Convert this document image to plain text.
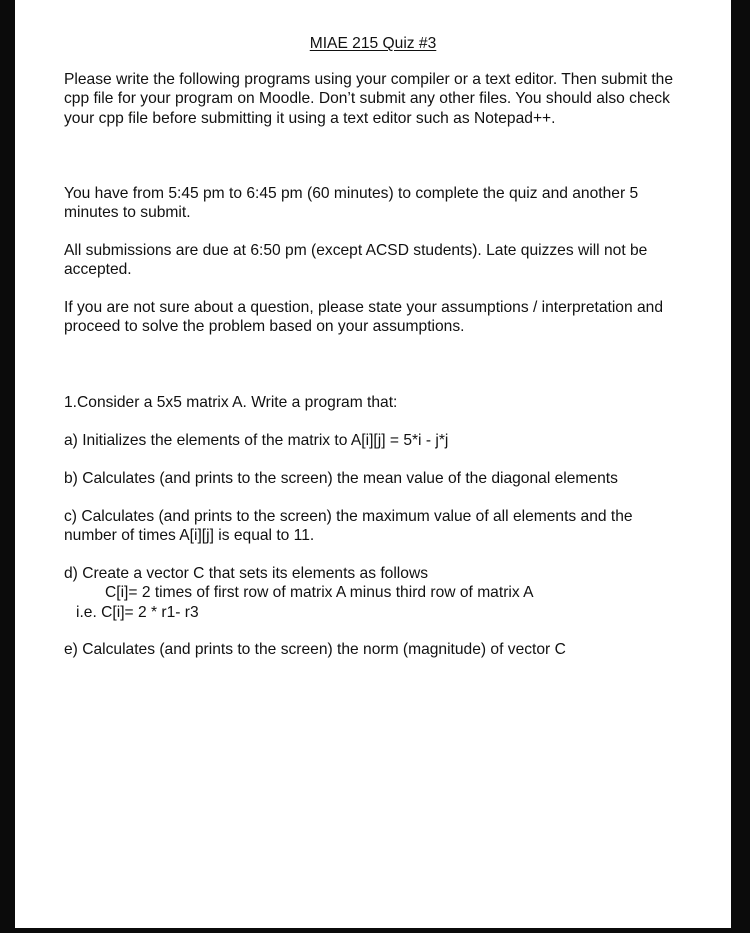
MIAE 215 Quiz #3

Please write the following programs using your compiler or a text editor. Then submit the cpp file for your program on Moodle. Don’t submit any other files. You should also check your cpp file before submitting it using a text editor such as Notepad++.

You have from 5:45 pm to 6:45 pm (60 minutes) to complete the quiz and another 5 minutes to submit.

All submissions are due at 6:50 pm (except ACSD students). Late quizzes will not be accepted.

If you are not sure about a question, please state your assumptions / interpretation and proceed to solve the problem based on your assumptions.

1.Consider a 5x5 matrix A. Write a program that:

a) Initializes the elements of the matrix to A[i][j] = 5*i - j*j

b) Calculates (and prints to the screen) the mean value of the diagonal elements

c) Calculates (and prints to the screen) the maximum value of all elements and the number of times A[i][j] is equal to 11.

d) Create a vector C that sets its elements as follows
C[i]= 2 times of first row of matrix A minus third row of matrix A
i.e. C[i]= 2 * r1- r3

e) Calculates (and prints to the screen) the norm (magnitude) of vector C
